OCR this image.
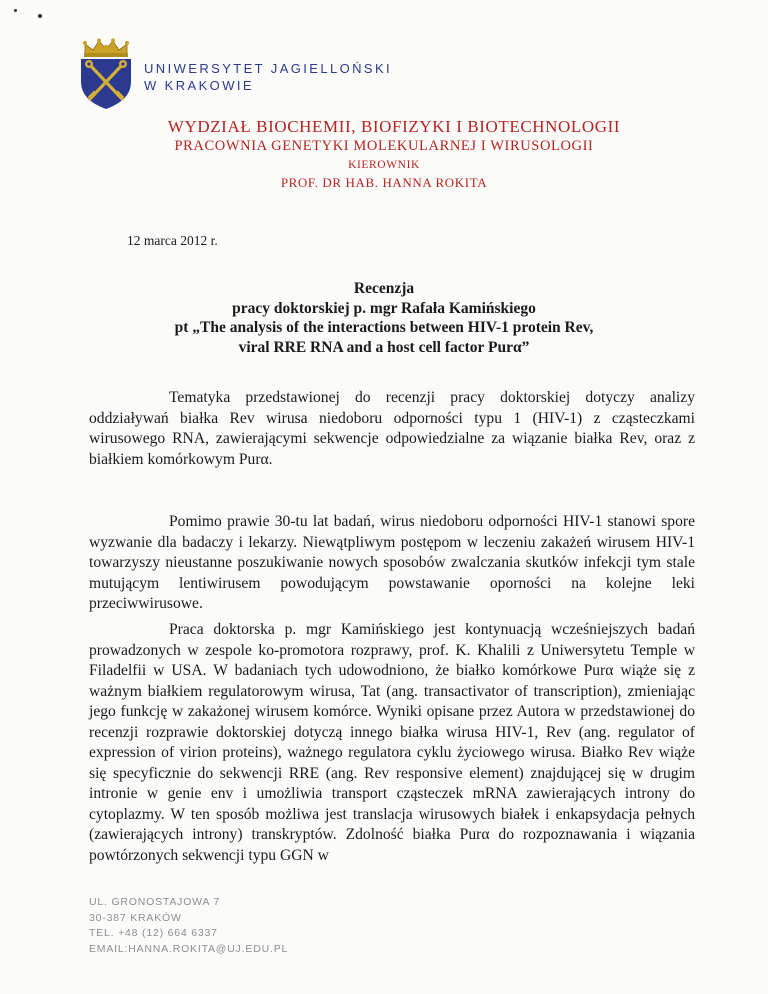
UNIWERSYTET JAGIELLOŃSKI
W KRAKOWIE
WYDZIAŁ BIOCHEMII, BIOFIZYKI I BIOTECHNOLOGII
PRACOWNIA GENETYKI MOLEKULARNEJ I WIRUSOLOGII
KIEROWNIK
PROF. DR HAB. HANNA ROKITA
12 marca 2012 r.
Recenzja
pracy doktorskiej p. mgr Rafała Kamińskiego
pt „The analysis of the interactions between HIV-1 protein Rev,
viral RRE RNA and a host cell factor Purα”

Tematyka przedstawionej do recenzji pracy doktorskiej dotyczy analizy oddziaływań białka Rev wirusa niedoboru odporności typu 1 (HIV-1) z cząsteczkami wirusowego RNA, zawierającymi sekwencje odpowiedzialne za wiązanie białka Rev, oraz z białkiem komórkowym Purα.

Pomimo prawie 30-tu lat badań, wirus niedoboru odporności HIV-1 stanowi spore wyzwanie dla badaczy i lekarzy. Niewątpliwym postępom w leczeniu zakażeń wirusem HIV-1 towarzyszy nieustanne poszukiwanie nowych sposobów zwalczania skutków infekcji tym stale mutującym lentiwirusem powodującym powstawanie oporności na kolejne leki przeciwwirusowe.

Praca doktorska p. mgr Kamińskiego jest kontynuacją wcześniejszych badań prowadzonych w zespole ko-promotora rozprawy, prof. K. Khalili z Uniwersytetu Temple w Filadelfii w USA. W badaniach tych udowodniono, że białko komórkowe Purα wiąże się z ważnym białkiem regulatorowym wirusa, Tat (ang. transactivator of transcription), zmieniając jego funkcję w zakażonej wirusem komórce. Wyniki opisane przez Autora w przedstawionej do recenzji rozprawie doktorskiej dotyczą innego białka wirusa HIV-1, Rev (ang. regulator of expression of virion proteins), ważnego regulatora cyklu życiowego wirusa. Białko Rev wiąże się specyficznie do sekwencji RRE (ang. Rev responsive element) znajdującej się w drugim intronie w genie env i umożliwia transport cząsteczek mRNA zawierających introny do cytoplazmy. W ten sposób możliwa jest translacja wirusowych białek i enkapsydacja pełnych (zawierających introny) transkryptów. Zdolność białka Purα do rozpoznawania i wiązania powtórzonych sekwencji typu GGN w

UL. GRONOSTAJOWA 7
30-387 KRAKÓW
TEL. +48 (12) 664 6337
EMAIL:HANNA.ROKITA@UJ.EDU.PL
